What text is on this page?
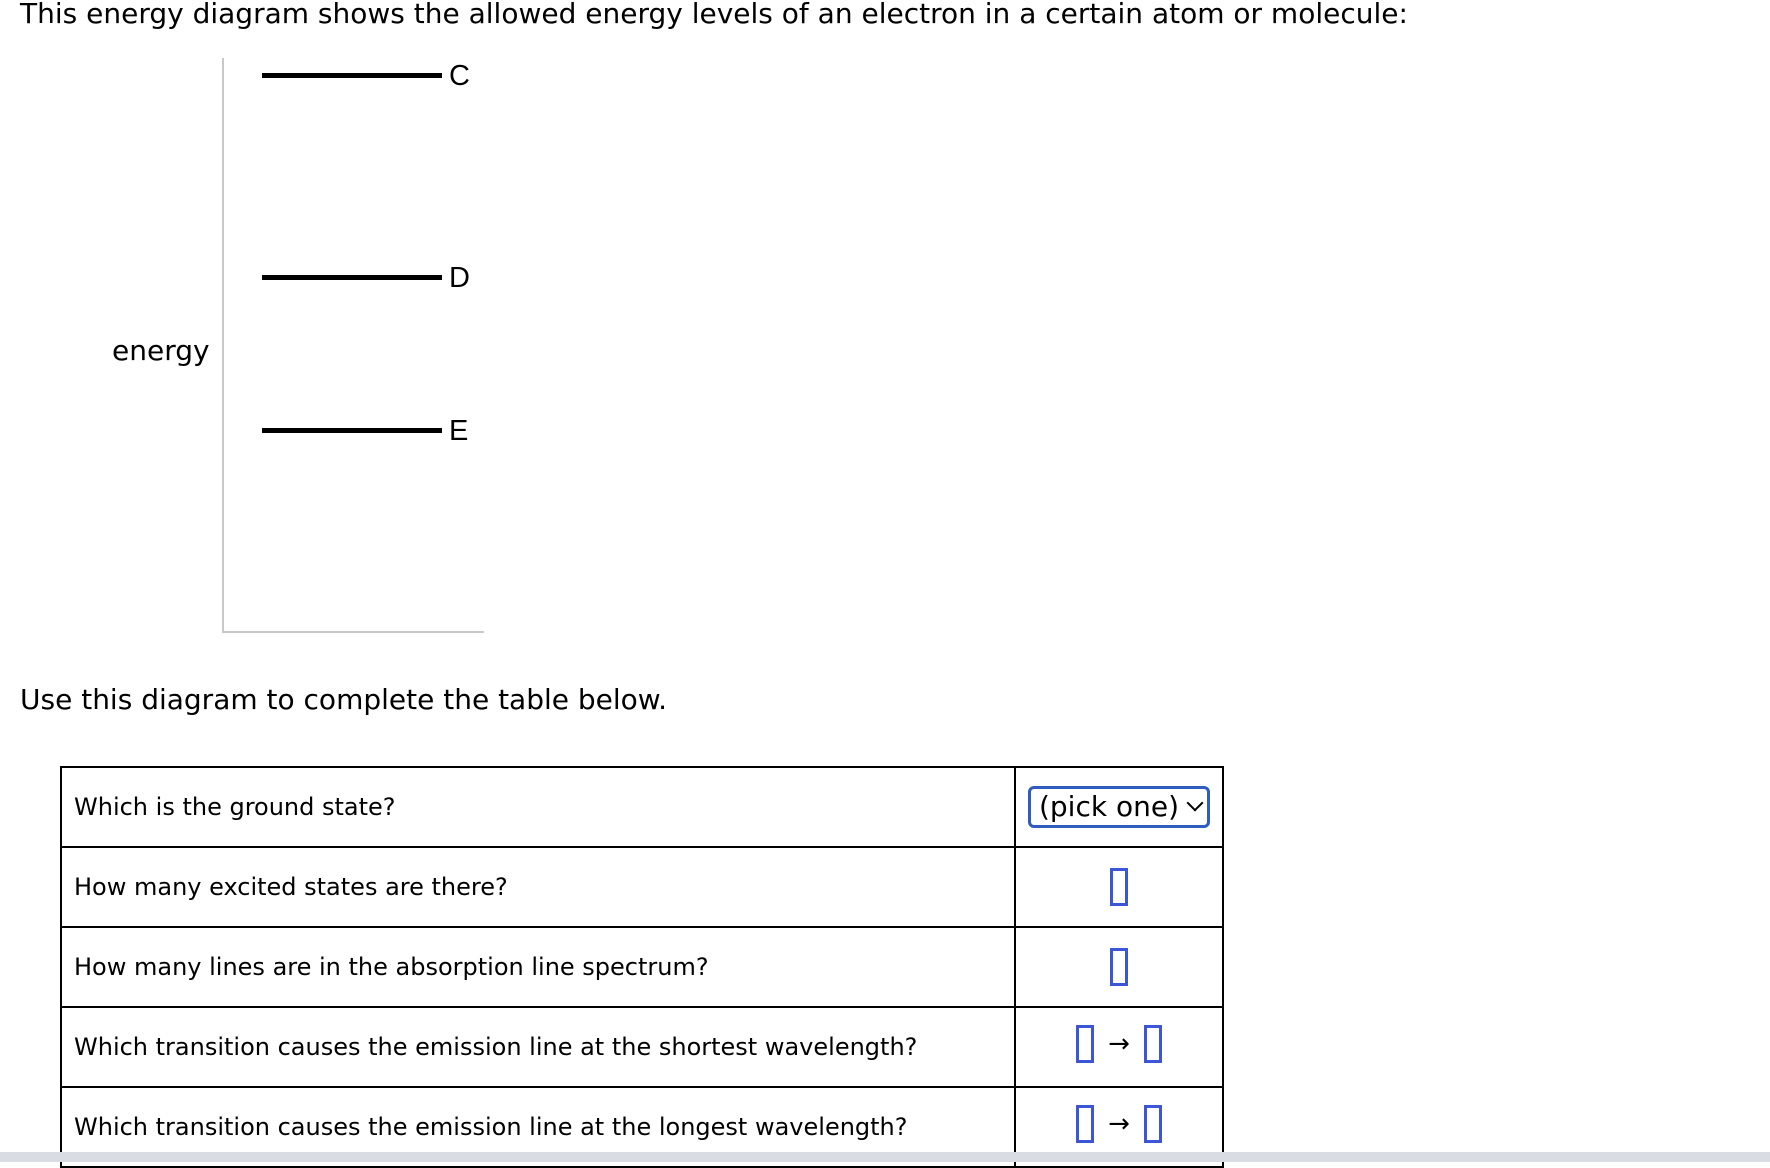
This energy diagram shows the allowed energy levels of an electron in a certain atom or molecule:
energy
C
D
E
Use this diagram to complete the table below.
Which is the ground state?	(pick one)

How many excited states are there?	
How many lines are in the absorption line spectrum?	
Which transition causes the emission line at the shortest wavelength?	→

Which transition causes the emission line at the longest wavelength?	→
